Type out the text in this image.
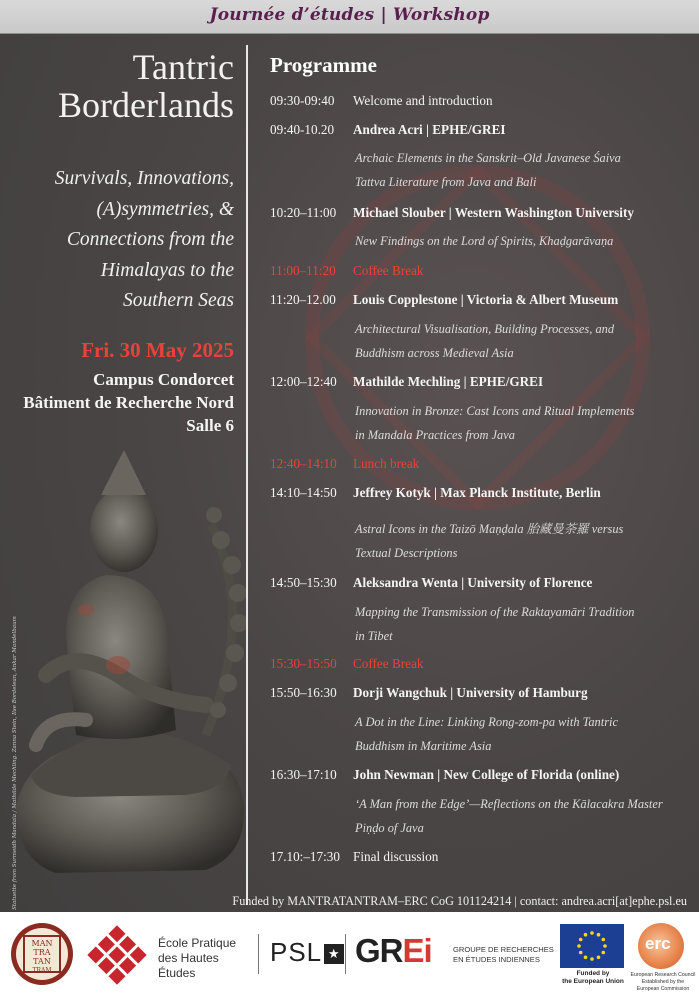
Journée d’études | Workshop
Tantric
Borderlands
Survivals, Innovations,
(A)symmetries, &
Connections from the
Himalayas to the
Southern Seas
Fri. 30 May 2025
Campus Condorcet
Bâtiment de Recherche Nord
Salle 6
Statuette from Surmeidh Mandala / Mathilde Mechling. Zanna Stein, Ilse Bordelean, Ankar Mandelbaum
Programme
09:30-09:40 Welcome and introduction
09:40-10.20 Andrea Acri | EPHE/GREI
Archaic Elements in the Sanskrit–Old Javanese Śaiva
Tattva Literature from Java and Bali
10:20–11:00 Michael Slouber | Western Washington University
New Findings on the Lord of Spirits, Khaḍgarāvaṇa
11:00–11:20 Coffee Break
11:20–12.00 Louis Copplestone | Victoria & Albert Museum
Architectural Visualisation, Building Processes, and
Buddhism across Medieval Asia
12:00–12:40 Mathilde Mechling | EPHE/GREI
Innovation in Bronze: Cast Icons and Ritual Implements
in Mandala Practices from Java
12:40–14:10 Lunch break
14:10–14:50 Jeffrey Kotyk | Max Planck Institute, Berlin
Astral Icons in the Taizō Maṇḍala 胎藏曼荼羅 versus
Textual Descriptions
14:50–15:30 Aleksandra Wenta | University of Florence
Mapping the Transmission of the Raktayamāri Tradition
in Tibet
15:30–15:50 Coffee Break
15:50–16:30 Dorji Wangchuk | University of Hamburg
A Dot in the Line: Linking Rong-zom-pa with Tantric
Buddhism in Maritime Asia
16:30–17:10 John Newman | New College of Florida (online)
‘A Man from the Edge’—Reflections on the Kālacakra Master
Piṇḍo of Java
17.10:–17:30 Final discussion
Funded by MANTRATANTRAM–ERC CoG 101124214 | contact: andrea.acri[at]ephe.psl.eu
MAN
TRA
TAN
TRAM
École Pratique
des Hautes Études
PSL ★ GREi	GROUPE DE RECHERCHES
EN ÉTUDES INDIENNES
Funded by
the European Union
erc
European Research Council
Established by the European Commission
